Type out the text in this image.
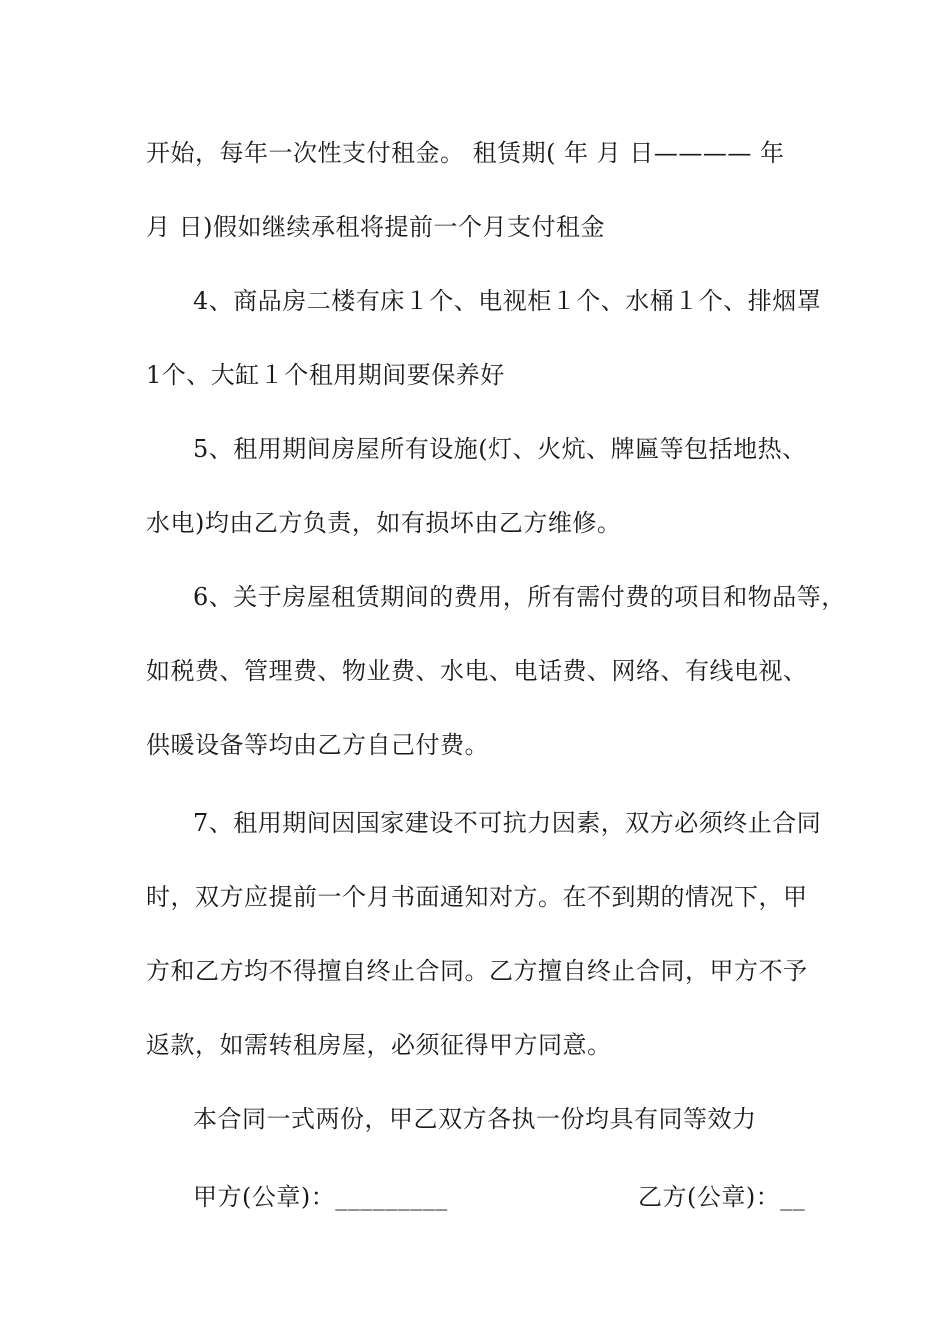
开始，每年一次性支付租金。 租赁期( 年 月 日———— 年
月 日)假如继续承租将提前一个月支付租金
4、商品房二楼有床１个、电视柜１个、水桶１个、排烟罩
1个、大缸１个租用期间要保养好
5、租用期间房屋所有设施(灯、火炕、牌匾等包括地热、
水电)均由乙方负责，如有损坏由乙方维修。
6、关于房屋租赁期间的费用，所有需付费的项目和物品等，
如税费、管理费、物业费、水电、电话费、网络、有线电视、
供暖设备等均由乙方自己付费。
7、租用期间因国家建设不可抗力因素，双方必须终止合同
时，双方应提前一个月书面通知对方。在不到期的情况下，甲
方和乙方均不得擅自终止合同。乙方擅自终止合同，甲方不予
返款，如需转租房屋，必须征得甲方同意。
本合同一式两份，甲乙双方各执一份均具有同等效力
甲方(公章)：_________	乙方(公章)：__
